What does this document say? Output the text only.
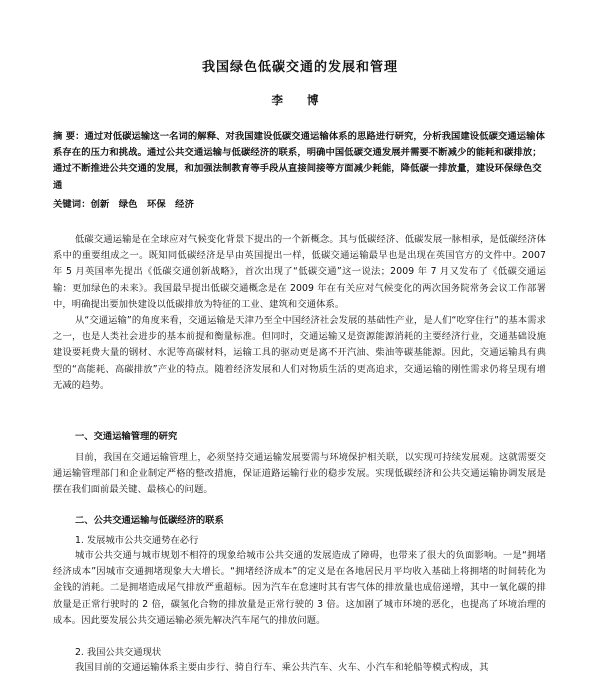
我国绿色低碳交通的发展和管理
李 博
摘 要：通过对低碳运输这一名词的解释、对我国建设低碳交通运输体系的思路进行研究，分析我国建设低碳交通运输体系存在的压力和挑战。通过公共交通运输与低碳经济的联系，明确中国低碳交通发展并需要不断减少的能耗和碳排放；通过不断推进公共交通的发展，和加强法制教育等手段从直接间接等方面减少耗能，降低碳一排放量，建设环保绿色交通
关键词：创新　绿色　环保　经济

低碳交通运输是在全球应对气候变化背景下提出的一个新概念。其与低碳经济、低碳发展一脉相承，是低碳经济体系中的重要组成之一。既知同低碳经济是早由英国提出一样，低碳交通运输最早也是出现在英国官方的文件中。2007 年 5 月英国率先提出《低碳交通创新战略》，首次出现了“低碳交通”这一说法；2009 年 7 月又发布了《低碳交通运输：更加绿色的未来》。我国最早提出低碳交通概念是在 2009 年在有关应对气候变化的两次国务院常务会议工作部署中，明确提出要加快建设以低碳排放为特征的工业、建筑和交通体系。

从“交通运输”的角度来看，交通运输是天津乃至全中国经济社会发展的基础性产业，是人们“吃穿住行”的基本需求之一，也是人类社会进步的基本前提和衡量标准。但同时，交通运输又是资源能源消耗的主要经济行业，交通基础设施建设要耗费大量的钢材、水泥等高碳材料，运输工具的驱动更是离不开汽油、柴油等碳基能源。因此，交通运输具有典型的“高能耗、高碳排放”产业的特点。随着经济发展和人们对物质生活的更高追求，交通运输的刚性需求仍将呈现有增无减的趋势。

一、交通运输管理的研究

目前，我国在交通运输管理上，必须坚持交通运输发展要需与环境保护相关联，以实现可持续发展观。这就需要交通运输管理部门和企业制定严格的整改措施，保证道路运输行业的稳步发展。实现低碳经济和公共交通运输协调发展是摆在我们面前最关键、最核心的问题。

二、公共交通运输与低碳经济的联系
1. 发展城市公共交通势在必行

城市公共交通与城市规划不相符的现象给城市公共交通的发展造成了障碍，也带来了很大的负面影响。一是“拥堵经济成本”因城市交通拥堵现象大大增长。“拥堵经济成本”的定义是在各地居民月平均收入基础上将拥堵的时间转化为金钱的消耗。二是拥堵造成尾气排放严重超标。因为汽车在怠速时其有害气体的排放量也成倍递增，其中一氧化碳的排放量是正常行驶时的 2 倍，碳氢化合物的排放量是正常行驶的 3 倍。这加剧了城市环境的恶化，也提高了环境治理的成本。因此要发展公共交通运输必须先解决汽车尾气的排放问题。

2. 我国公共交通现状

我国目前的交通运输体系主要由步行、骑自行车、乘公共汽车、火车、小汽车和轮船等模式构成，其
